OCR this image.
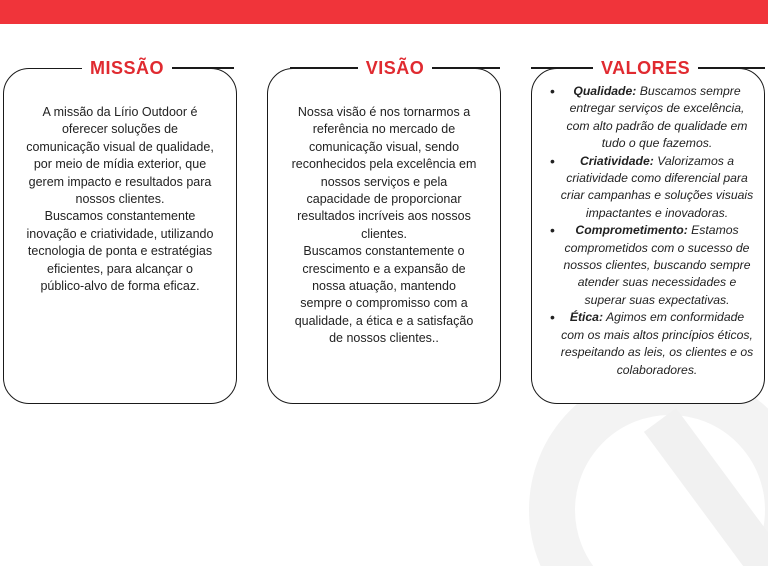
MISSÃO
A missão da Lírio Outdoor é oferecer soluções de comunicação visual de qualidade, por meio de mídia exterior, que gerem impacto e resultados para nossos clientes.
Buscamos constantemente inovação e criatividade, utilizando tecnologia de ponta e estratégias eficientes, para alcançar o público-alvo de forma eficaz.
VISÃO
Nossa visão é nos tornarmos a referência no mercado de comunicação visual, sendo reconhecidos pela excelência em nossos serviços e pela capacidade de proporcionar resultados incríveis aos nossos clientes.
Buscamos constantemente o crescimento e a expansão de nossa atuação, mantendo sempre o compromisso com a qualidade, a ética e a satisfação de nossos clientes..
VALORES
• Qualidade: Buscamos sempre entregar serviços de excelência, com alto padrão de qualidade em tudo o que fazemos.
• Criatividade: Valorizamos a criatividade como diferencial para criar campanhas e soluções visuais impactantes e inovadoras.
• Comprometimento: Estamos comprometidos com o sucesso de nossos clientes, buscando sempre atender suas necessidades e superar suas expectativas.
• Ética: Agimos em conformidade com os mais altos princípios éticos, respeitando as leis, os clientes e os colaboradores.
